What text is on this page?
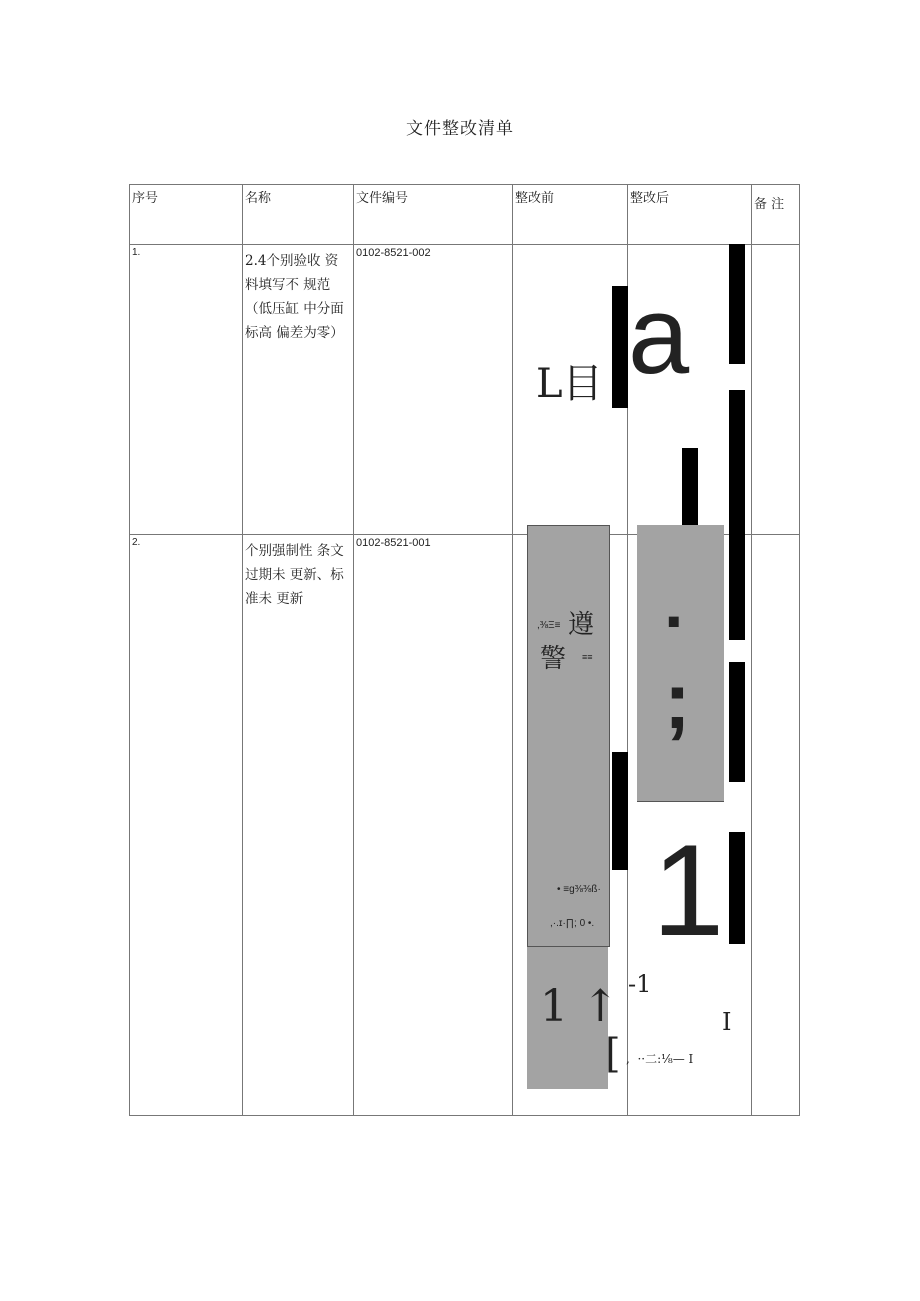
文件整改清单
序号	名称	文件编号	整改前	整改后	备 注

1.	2.4个别验收 资料填写不 规范（低压缸 中分面标高 偏差为零）	0102-8521-002			

2.	个别强制性 条文过期未 更新、标准未 更新	0102-8521-001			

L目 a
,⅜Ξ≡ 遵
警 ≡≡
• ≡g⅜⅜ß·
,·.ɪ·∏; 0 •.
1 ↑
·
;
1
-1
I
[ ,  ··二:⅛— I
